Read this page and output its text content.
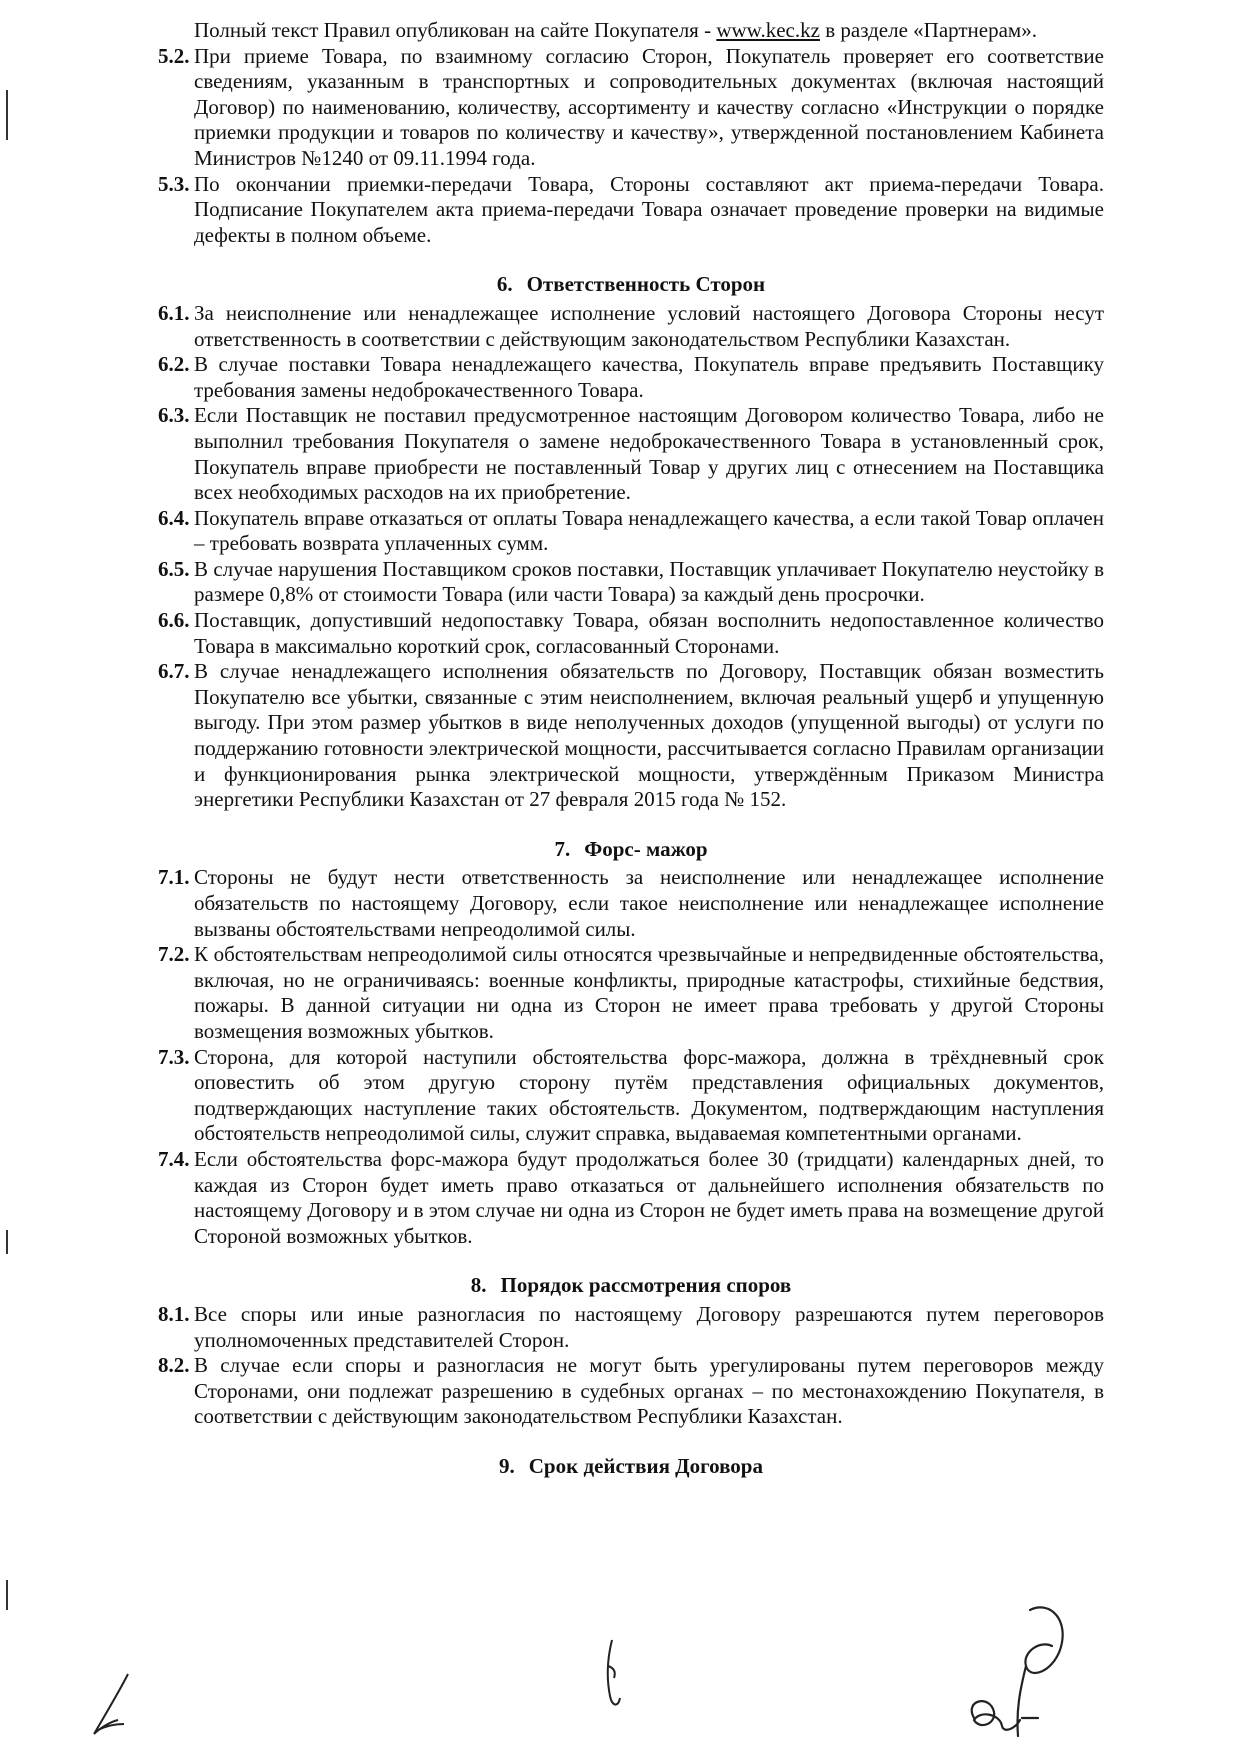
Полный текст Правил опубликован на сайте Покупателя - www.kec.kz в разделе «Партнерам».
5.2. При приеме Товара, по взаимному согласию Сторон, Покупатель проверяет его соответствие сведениям, указанным в транспортных и сопроводительных документах (включая настоящий Договор) по наименованию, количеству, ассортименту и качеству согласно «Инструкции о порядке приемки продукции и товаров по количеству и качеству», утвержденной постановлением Кабинета Министров №1240 от 09.11.1994 года.
5.3. По окончании приемки-передачи Товара, Стороны составляют акт приема-передачи Товара. Подписание Покупателем акта приема-передачи Товара означает проведение проверки на видимые дефекты в полном объеме.
6. Ответственность Сторон
6.1. За неисполнение или ненадлежащее исполнение условий настоящего Договора Стороны несут ответственность в соответствии с действующим законодательством Республики Казахстан.
6.2. В случае поставки Товара ненадлежащего качества, Покупатель вправе предъявить Поставщику требования замены недоброкачественного Товара.
6.3. Если Поставщик не поставил предусмотренное настоящим Договором количество Товара, либо не выполнил требования Покупателя о замене недоброкачественного Товара в установленный срок, Покупатель вправе приобрести не поставленный Товар у других лиц с отнесением на Поставщика всех необходимых расходов на их приобретение.
6.4. Покупатель вправе отказаться от оплаты Товара ненадлежащего качества, а если такой Товар оплачен – требовать возврата уплаченных сумм.
6.5. В случае нарушения Поставщиком сроков поставки, Поставщик уплачивает Покупателю неустойку в размере 0,8% от стоимости Товара (или части Товара) за каждый день просрочки.
6.6. Поставщик, допустивший недопоставку Товара, обязан восполнить недопоставленное количество Товара в максимально короткий срок, согласованный Сторонами.
6.7. В случае ненадлежащего исполнения обязательств по Договору, Поставщик обязан возместить Покупателю все убытки, связанные с этим неисполнением, включая реальный ущерб и упущенную выгоду. При этом размер убытков в виде неполученных доходов (упущенной выгоды) от услуги по поддержанию готовности электрической мощности, рассчитывается согласно Правилам организации и функционирования рынка электрической мощности, утверждённым Приказом Министра энергетики Республики Казахстан от 27 февраля 2015 года № 152.
7. Форс- мажор
7.1. Стороны не будут нести ответственность за неисполнение или ненадлежащее исполнение обязательств по настоящему Договору, если такое неисполнение или ненадлежащее исполнение вызваны обстоятельствами непреодолимой силы.
7.2. К обстоятельствам непреодолимой силы относятся чрезвычайные и непредвиденные обстоятельства, включая, но не ограничиваясь: военные конфликты, природные катастрофы, стихийные бедствия, пожары. В данной ситуации ни одна из Сторон не имеет права требовать у другой Стороны возмещения возможных убытков.
7.3. Сторона, для которой наступили обстоятельства форс-мажора, должна в трёхдневный срок оповестить об этом другую сторону путём представления официальных документов, подтверждающих наступление таких обстоятельств. Документом, подтверждающим наступления обстоятельств непреодолимой силы, служит справка, выдаваемая компетентными органами.
7.4. Если обстоятельства форс-мажора будут продолжаться более 30 (тридцати) календарных дней, то каждая из Сторон будет иметь право отказаться от дальнейшего исполнения обязательств по настоящему Договору и в этом случае ни одна из Сторон не будет иметь права на возмещение другой Стороной возможных убытков.
8. Порядок рассмотрения споров
8.1. Все споры или иные разногласия по настоящему Договору разрешаются путем переговоров уполномоченных представителей Сторон.
8.2. В случае если споры и разногласия не могут быть урегулированы путем переговоров между Сторонами, они подлежат разрешению в судебных органах – по местонахождению Покупателя, в соответствии с действующим законодательством Республики Казахстан.
9. Срок действия Договора
